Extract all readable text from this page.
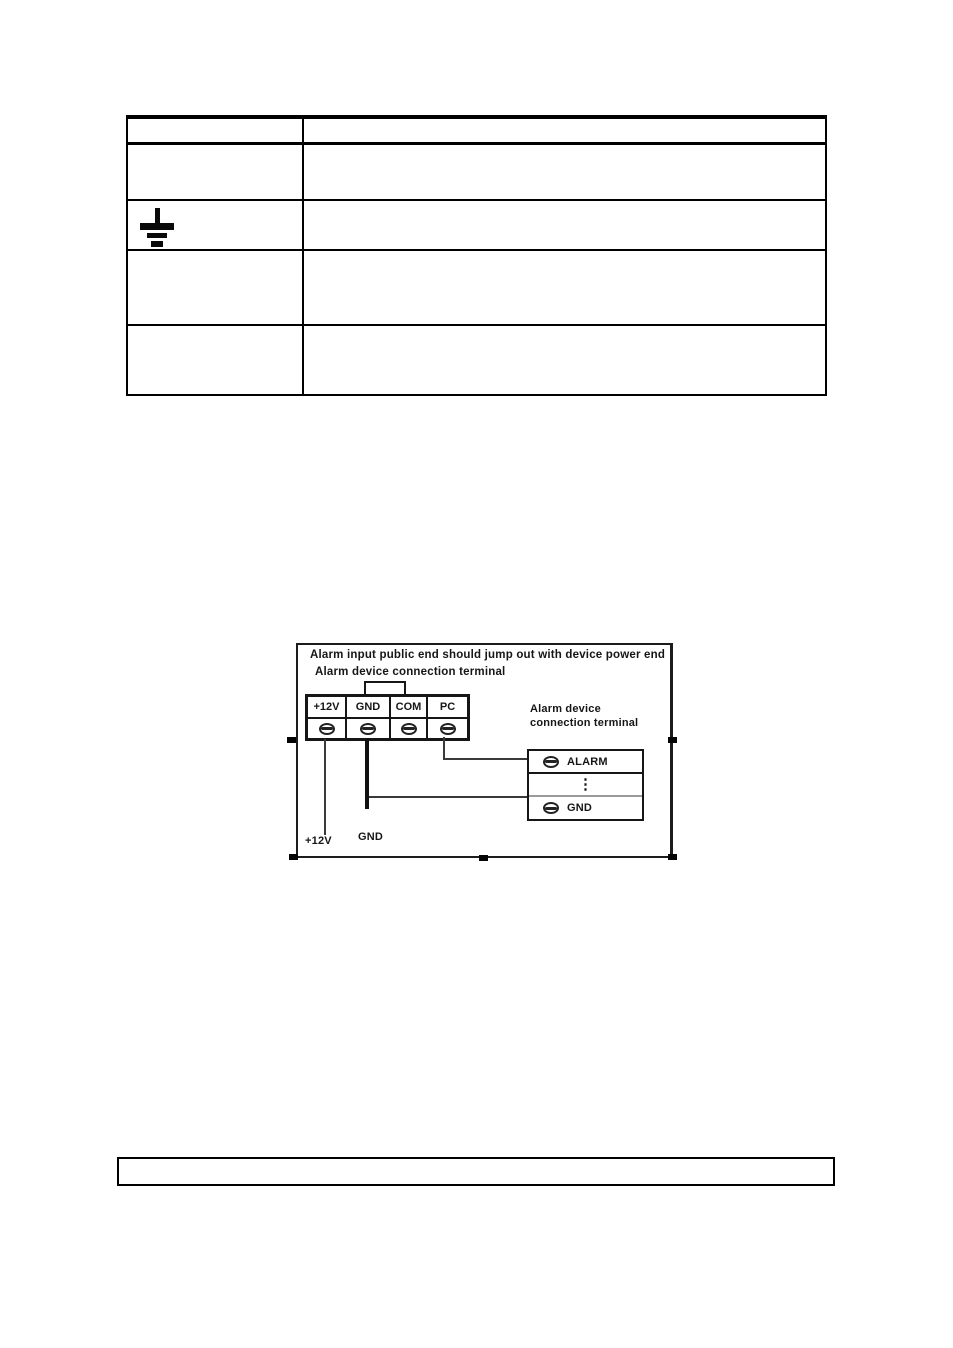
Alarm input public end should jump out with device power end
Alarm device connection terminal
+12V GND COM PC	Alarm device
connection terminal
ALARM
⋮
GND
+12V GND
